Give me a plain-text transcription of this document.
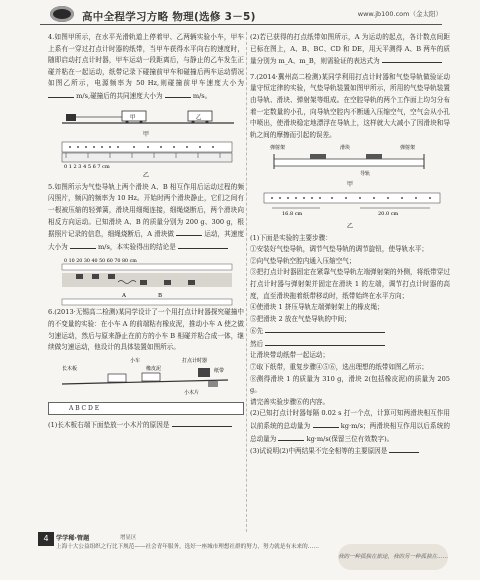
高中全程学习方略 物理(选修 3－5)	www.jb100.com（金太阳）

4.如图甲所示，在水平光滑轨道上停着甲、乙两辆实验小车，甲车上系有一穿过打点计时器的纸带，当甲车获得水平向右的速度时，随即启动打点计时器，甲车运动一段距离后，与静止的乙车发生正碰并粘在一起运动，纸带记录下碰撞前甲车和碰撞后两车运动情况如图乙所示，电源频率为 50 Hz,则碰撞前甲车速度大小为  m/s,碰撞后的共同速度大小为	m/s。

甲	乙
甲
0 1 2 3 4 5 6 7 cm
乙

5.如图所示为气垫导轨上两个滑块 A、B 相互作用后运动过程的频闪照片，频闪的频率为 10 Hz。开始时两个滑块静止，它们之间有一根被压缩的轻弹簧，滑块用细绳连接，细绳烧断后，两个滑块向相反方向运动。已知滑块 A、B 的质量分别为 200 g、300 g，根据照片记录的信息，细绳烧断后，A 滑块做	运动，其速度大小为	m/s，本实验得出的结论是

0 10 20 30 40 50 60 70 80 cm
A	B

6.(2013·无锡高二检测)某同学设计了一个用打点计时器探究碰撞中的不变量的实验：在小车 A 的前端粘有橡皮泥，推动小车 A 使之做匀速运动，然后与原来静止在前方的小车 B 相碰并粘合成一体，继续做匀速运动，他设计的具体装置如图所示。

长木板
小车
橡皮泥
打点计时器
纸带
小木片
A B C D E

(1)长木板右端下面垫放一小木片的原因是

(2)若已获得的打点纸带如图所示，A 为运动的起点，各计数点间距已标在图上，A、B、BC、CD 和 DE，用天平测得 A、B 两车的质量分别为 m_A、m_B，则需验证的表达式为

7.(2014·冀州高二检测)某同学利用打点计时器和气垫导轨做验证动量守恒定律的实验，气垫导轨装置如图甲所示，所用的气垫导轨装置由导轨、滑块、弹射架等组成。在空腔导轨的两个工作面上均匀分布着一定数量的小孔，向导轨空腔内不断通入压缩空气，空气会从小孔中喷出，使滑块稳定地漂浮在导轨上，这样就大大减小了因滑块和导轨之间的摩擦而引起的误差。

弹射架	滑块	弹射架
导轨
甲
16.8 cm	20.0 cm
乙

(1)下面是实验的主要步骤：

①安装好气垫导轨，调节气垫导轨的调节旋钮，使导轨水平；

②向气垫导轨空腔内通入压缩空气；

③把打点计时器固定在紧靠气垫导轨左端弹射架的外侧，将纸带穿过打点计时器与弹射架并固定在滑块 1 的左端，调节打点计时器的高度，直至滑块拖着纸带移动时，纸带始终在水平方向；

④使滑块 1 挤压导轨左端弹射架上的橡皮绳；

⑤把滑块 2 放在气垫导轨的中间；

⑥先
然后
让滑块带动纸带一起运动；

⑦取下纸带，重复步骤④⑤⑥，选出理想的纸带如图乙所示；

⑧测得滑块 1 的质量为 310 g，滑块 2(包括橡皮泥)的质量为 205 g。

请完善实验步骤⑥的内容。

(2)已知打点计时器每隔 0.02 s 打一个点，计算可知两滑块相互作用以前系统的总动量为	kg·m/s；两滑块相互作用以后系统的总动量为	kg·m/s(保留三位有效数字)。

(3)试说明(2)中两结果不完全相等的主要原因是

4	学学稀·管题	增显区
上海十大公益组织之行比下规范——社会青年服务，选好一座城市理想社群的努力，努力就是有未来的……
我的一种孤独在旅途，我的另一种孤独在……
